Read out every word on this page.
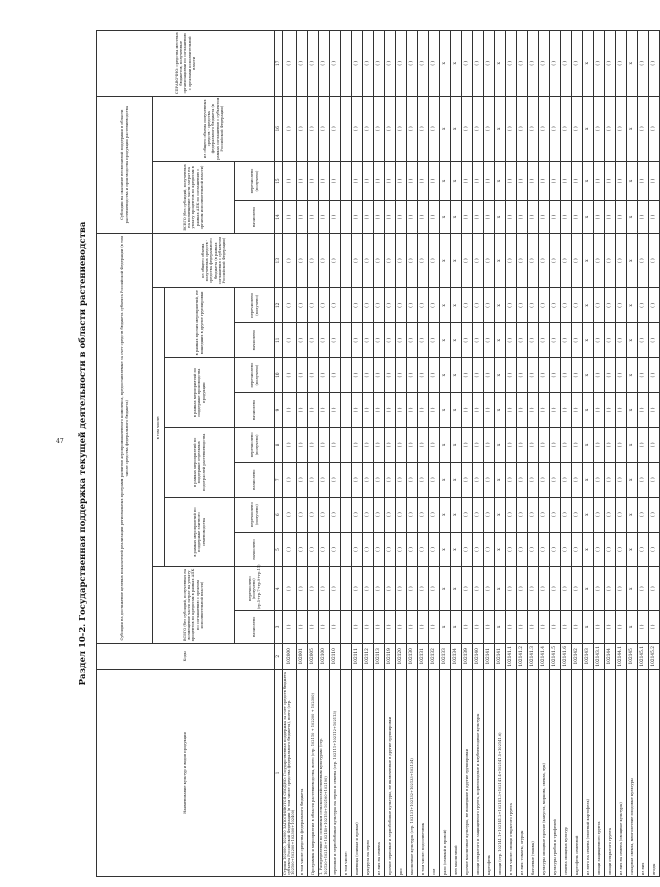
47	Раздел 10-2. Государственная поддержка текущей деятельности в области растениеводства
Наименование культур и видов продукции	Коды	Субсидии на достижение целевых показателей реализации региональных программ развития агропромышленного комплекса, предоставляемые за счет средств бюджета субъекта Российской Федерации (в том числе средства федерального бюджета)											Субсидии на оказание несвязанной поддержки в области растениеводства и производства продукции растениеводства			СПРАВОЧНО: средства местных бюджетов, полученные организациями по соглашению с органами исполнительной власти
		ВСЕГО (без субсидий, полученных на возмещение части затрат на уплату процентов по кредитам в рамках АПК по соглашению с органом исполнительной власти)		в том числе:								из общего объема полученных средств - средства федерального бюджета (в рамках соглашения с субъектом Российской Федерации)	ВСЕГО (без субсидий, полученных на возмещение части затрат на уплату процентов по кредитам в рамках АПК по соглашению с органом исполнительной власти)		из общего объема полученных средств - средства федерального бюджета (в рамках соглашения с субъектом Российской Федерации)	
				в рамках мероприятий по поддержке элитного семеноводства		в рамках мероприятий по поддержке отдельных подотраслей растениеводства		в рамках мероприятий по поддержке производства продукции		в рамках прочих мероприятий, не вошедших в другие группировки						
		начислено	перечислено (получено) (гр.5+гр.7+гр.9+гр.11)	начислено	перечислено (получено)	начислено	перечислено (получено)	начислено	перечислено (получено)	начислено	перечислено (получено)		начислено	перечислено (получено)		
1	2	3	4	5	6	7	8	9	10	11	12	13	14	15	16	17
Строки 102000, 102900 ЗАПОЛНЯЮТСЯ СВОДНО: Государственная поддержка за счет средств бюджета субъекта Российской Федерации (в том числе средства федерального бюджета), всего (стр. 102100+102200+102300+102400)	102000	( )	( )	( )	( )	( )	( )	( )	( )	( )	( )	( )	( )	( )	( )	( )
в том числе средства федерального бюджета	102001	( )	( )	( )	( )	( )	( )	( )	( )	( )	( )	( )	( )	( )	( )	( )
Программы и мероприятия в области растениеводства, всего (стр. 102110 + 102200 + 102300)	102005	( )	( )	( )	( )	( )	( )	( )	( )	( )	( )	( )	( )	( )	( )	( )
1. Распределение по основным сельскохозяйственным культурам: (стр. 102120+102130+102140+102150+102160+102190)	102100	( )	( )	( )	( )	( )	( )	( )	( )	( )	( )	( )	( )	( )	( )	( )
зерновые и зернобобовые культуры на зерно и семена (стр. 102111+102112+102113)	102110	( )	( )	( )	( )	( )	( )	( )	( )	( )	( )	( )	( )	( )	( )	( )
в том числе:																
пшеница (озимая и яровая)	102111	( )	( )	( )	( )	( )	( )	( )	( )	( )	( )	( )	( )	( )	( )	( )
кукуруза на зерно	102112	( )	( )	( )	( )	( )	( )	( )	( )	( )	( )	( )	( )	( )	( )	( )
из них на семена	102113	( )	( )	( )	( )	( )	( )	( )	( )	( )	( )	( )	( )	( )	( )	( )
прочие зерновые и зернобобовые культуры, не включенные в другие группировки	102119	( )	( )	( )	( )	( )	( )	( )	( )	( )	( )	( )	( )	( )	( )	( )
рис	102120	( )	( )	( )	( )	( )	( )	( )	( )	( )	( )	( )	( )	( )	( )	( )
масличные культуры (стр. 102131+102132+102133+102134)	102130	( )	( )	( )	( )	( )	( )	( )	( )	( )	( )	( )	( )	( )	( )	( )
в том числе: подсолнечник	102131	( )	( )	( )	( )	( )	( )	( )	( )	( )	( )	( )	( )	( )	( )	( )
соя	102132	( )	( )	( )	( )	( )	( )	( )	( )	( )	( )	( )	( )	( )	( )	( )
рапс (озимый и яровой)	102133	x	x	x	x	x	x	x	x	x	x	x	x	x	x	x
лен масличный	102134	x	x	x	x	x	x	x	x	x	x	x	x	x	x	x
прочие масличные культуры, не вошедшие в другие группировки	102139	( )	( )	( )	( )	( )	( )	( )	( )	( )	( )	( )	( )	( )	( )	( )
овощи открытого и защищенного грунта, корнеплодные и клубнеплодные культуры	102140	( )	( )	( )	( )	( )	( )	( )	( )	( )	( )	( )	( )	( )	( )	( )
картофель	102141	( )	( )	( )	( )	( )	( )	( )	( )	( )	( )	( )	( )	( )	( )	( )
овощи (стр. 102141.1+102141.2+102141.3+102141.4+102141.5+102141.6)	102141	x	x	x	x	x	x	x	x	x	x	x	x	x	x	x
в том числе: овощи открытого грунта	102141.1	( )	( )	( )	( )	( )	( )	( )	( )	( )	( )	( )	( )	( )	( )	( )
из них: томаты, огурцы	102141.2	( )	( )	( )	( )	( )	( )	( )	( )	( )	( )	( )	( )	( )	( )	( )
бахчевые (тыквы)	102141.3	( )	( )	( )	( )	( )	( )	( )	( )	( )	( )	( )	( )	( )	( )	( )
культуры овощные прочие (капуста, морковь, свекла, лук)	102141.4	( )	( )	( )	( )	( )	( )	( )	( )	( )	( )	( )	( )	( )	( )	( )
культуры грибов и трюфелей	102141.5	( )	( )	( )	( )	( )	( )	( )	( )	( )	( )	( )	( )	( )	( )	( )
семена овощных культур	102141.6	( )	( )	( )	( )	( )	( )	( )	( )	( )	( )	( )	( )	( )	( )	( )
картофель семенной	102142	( )	( )	( )	( )	( )	( )	( )	( )	( )	( )	( )	( )	( )	( )	( )
из него на семена (элитный картофель)	102143	x	x	x	x	x	x	x	x	x	x	x	x	x	x	x
овощи защищенного грунта	102143.1	( )	( )	( )	( )	( )	( )	( )	( )	( )	( )	( )	( )	( )	( )	( )
овощи открытого грунта	102144	( )	( )	( )	( )	( )	( )	( )	( )	( )	( )	( )	( )	( )	( )	( )
из них на семена (овощные культуры)	102144.1	( )	( )	( )	( )	( )	( )	( )	( )	( )	( )	( )	( )	( )	( )	( )
сахарная свекла, многолетние плодовые культуры	102145	x	x	x	x	x	x	x	x	x	x	x	x	x	x	x
из них	102145.1	( )	( )	( )	( )	( )	( )	( )	( )	( )	( )	( )	( )	( )	( )	( )
ягоды	102145.2	( )	( )	( )	( )	( )	( )	( )	( )	( )	( )	( )	( )	( )	( )	( )
